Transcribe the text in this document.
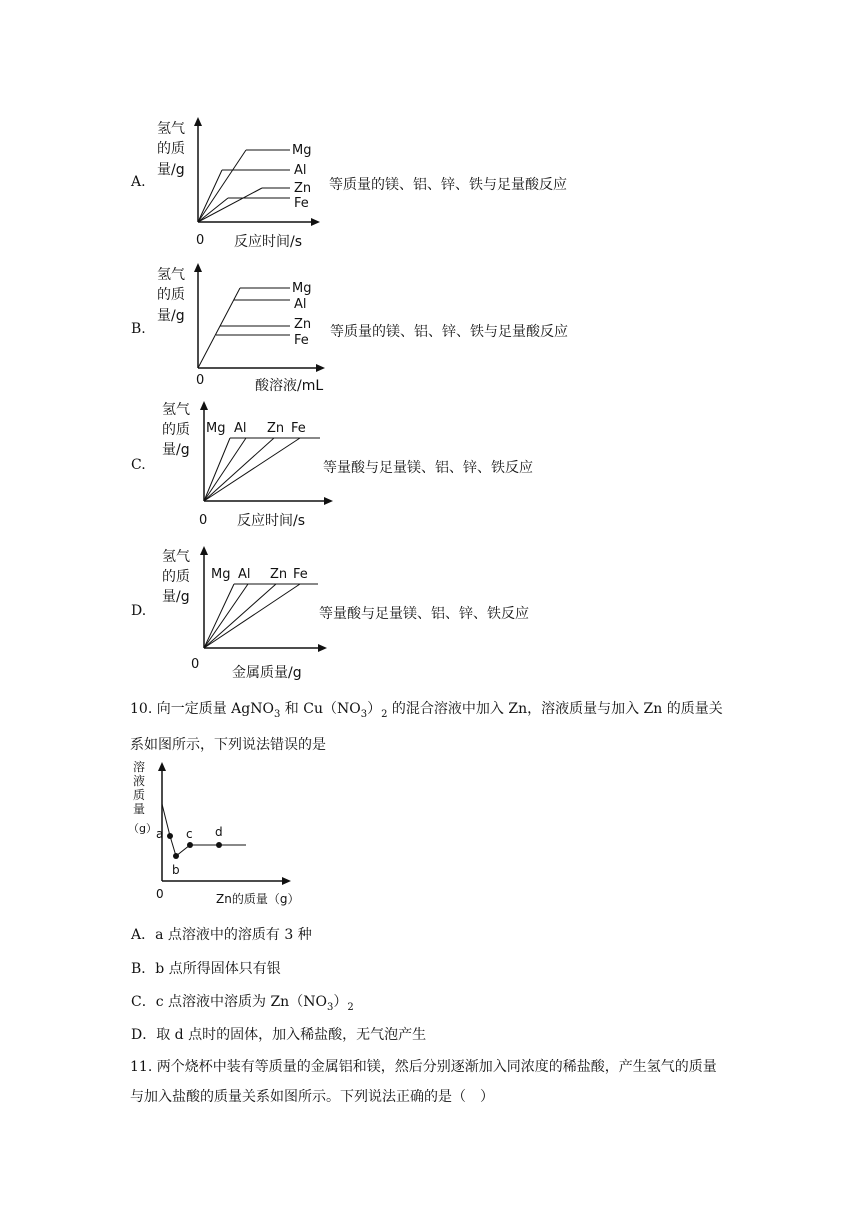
A.
氢气
的质
量/g
Mg
Al
Zn
Fe
0 反应时间/s
等质量的镁、铝、锌、铁与足量酸反应
B.
氢气
的质
量/g
Mg
Al
Zn
Fe
0	酸溶液/mL
等质量的镁、铝、锌、铁与足量酸反应
C.
氢气
的质
量/g
Mg Al Zn Fe
0 反应时间/s
等量酸与足量镁、铝、锌、铁反应
D.
氢气
的质
量/g
Mg Al Zn Fe
0
金属质量/g
等量酸与足量镁、铝、锌、铁反应
10. 向一定质量 AgNO$_3$ 和 $Cu(NO_3)_2$ 的混合溶液中加入 Zn，溶液质量与加入 Zn 的质量关系如图所示，下列说法错误的是
溶
液
质
量
（g） a
b
c d
0	Zn的质量（g）
A．a 点溶液中的溶质有 3 种
B．b 点所得固体只有银
C．c 点溶液中溶质为 $Zn(NO_3)_2$
D．取 d 点时的固体，加入稀盐酸，无气泡产生
11. 两个烧杯中装有等质量的金属铝和镁，然后分别逐渐加入同浓度的稀盐酸，产生氢气的质量与加入盐酸的质量关系如图所示。下列说法正确的是（　）
